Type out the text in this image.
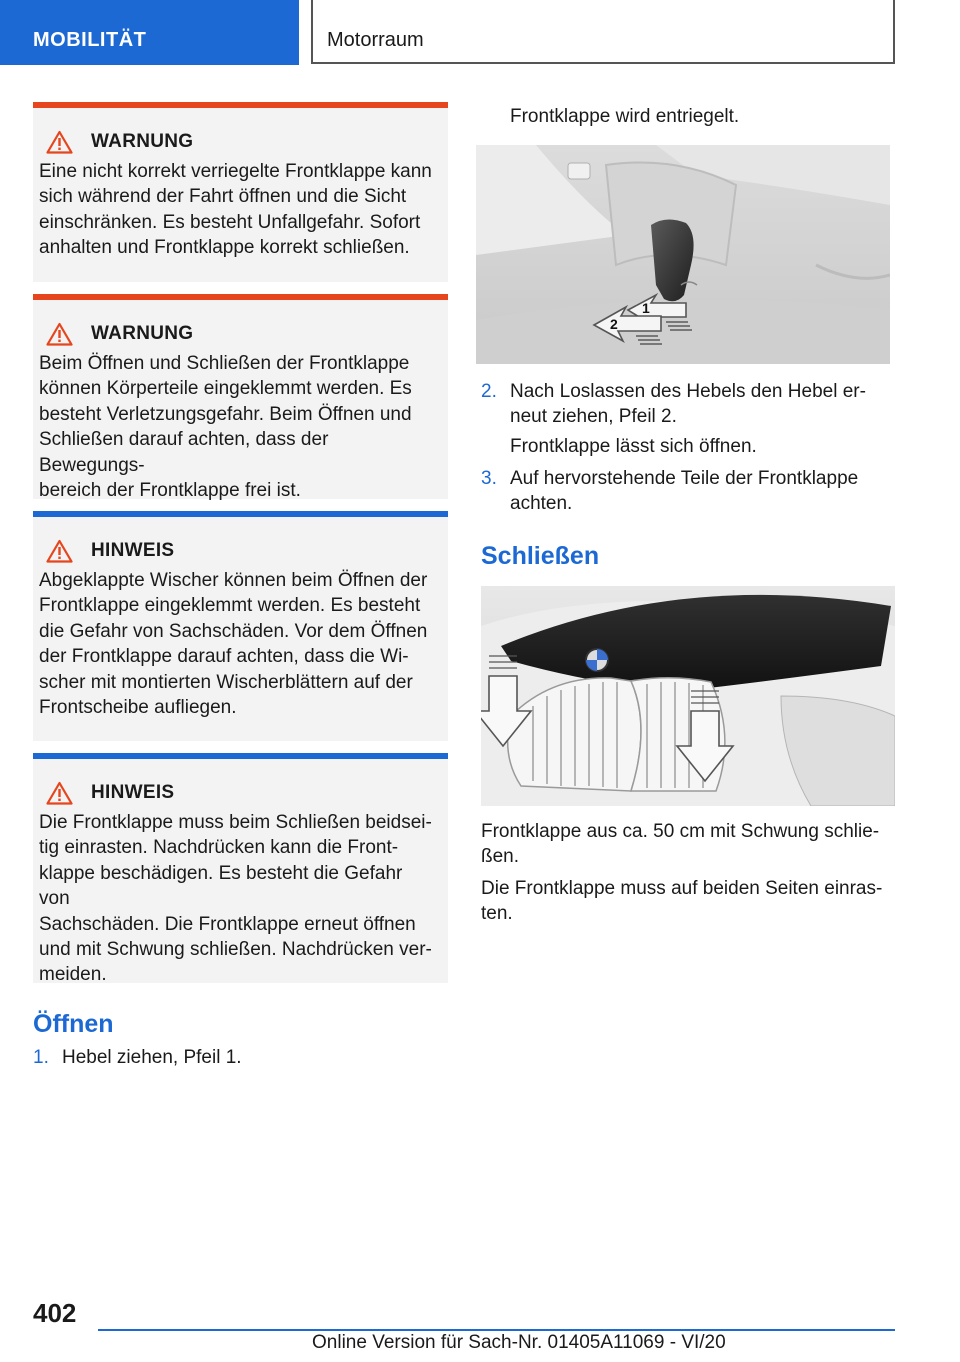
MOBILITÄT	Motorraum
WARNUNG
Eine nicht korrekt verriegelte Frontklappe kann
sich während der Fahrt öffnen und die Sicht
einschränken. Es besteht Unfallgefahr. Sofort
anhalten und Frontklappe korrekt schließen.
WARNUNG
Beim Öffnen und Schließen der Frontklappe
können Körperteile eingeklemmt werden. Es
besteht Verletzungsgefahr. Beim Öffnen und
Schließen darauf achten, dass der Bewegungs-
bereich der Frontklappe frei ist.
HINWEIS
Abgeklappte Wischer können beim Öffnen der
Frontklappe eingeklemmt werden. Es besteht
die Gefahr von Sachschäden. Vor dem Öffnen
der Frontklappe darauf achten, dass die Wi-
scher mit montierten Wischerblättern auf der
Frontscheibe aufliegen.
HINWEIS
Die Frontklappe muss beim Schließen beidsei-
tig einrasten. Nachdrücken kann die Front-
klappe beschädigen. Es besteht die Gefahr von
Sachschäden. Die Frontklappe erneut öffnen
und mit Schwung schließen. Nachdrücken ver-
meiden.
Öffnen
1. Hebel ziehen, Pfeil 1.
Frontklappe wird entriegelt.
1
2
2. Nach Loslassen des Hebels den Hebel er-
neut ziehen, Pfeil 2.
Frontklappe lässt sich öffnen.
3. Auf hervorstehende Teile der Frontklappe
achten.
Schließen
Frontklappe aus ca. 50 cm mit Schwung schlie-
ßen.
Die Frontklappe muss auf beiden Seiten einras-
ten.
402
Online Version für Sach-Nr. 01405A11069 - VI/20
